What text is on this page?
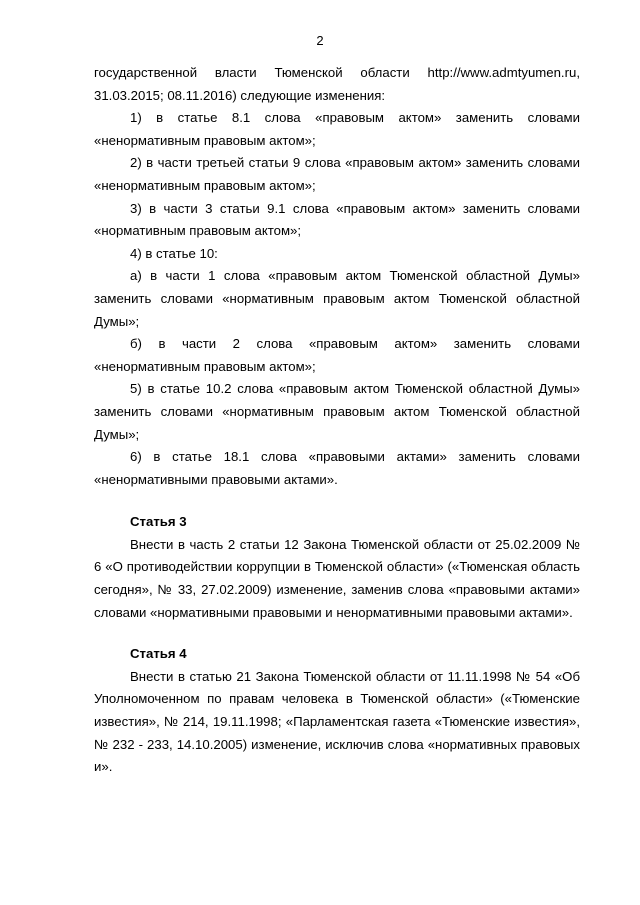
2

государственной власти Тюменской области http://www.admtyumen.ru, 31.03.2015; 08.11.2016) следующие изменения:

1) в статье 8.1 слова «правовым актом» заменить словами «ненормативным правовым актом»;

2) в части третьей статьи 9 слова «правовым актом» заменить словами «ненормативным правовым актом»;

3) в части 3 статьи 9.1 слова «правовым актом» заменить словами «нормативным правовым актом»;

4) в статье 10:

а) в части 1 слова «правовым актом Тюменской областной Думы» заменить словами «нормативным правовым актом Тюменской областной Думы»;

б) в части 2 слова «правовым актом» заменить словами «ненормативным правовым актом»;

5) в статье 10.2 слова «правовым актом Тюменской областной Думы» заменить словами «нормативным правовым актом Тюменской областной Думы»;

6) в статье 18.1 слова «правовыми актами» заменить словами «ненормативными правовыми актами».

Статья 3

Внести в часть 2 статьи 12 Закона Тюменской области от 25.02.2009 № 6 «О противодействии коррупции в Тюменской области» («Тюменская область сегодня», № 33, 27.02.2009) изменение, заменив слова «правовыми актами» словами «нормативными правовыми и ненормативными правовыми актами».

Статья 4

Внести в статью 21 Закона Тюменской области от 11.11.1998 № 54 «Об Уполномоченном по правам человека в Тюменской области» («Тюменские известия», № 214, 19.11.1998; «Парламентская газета «Тюменские известия», № 232 - 233, 14.10.2005) изменение, исключив слова «нормативных правовых и».
